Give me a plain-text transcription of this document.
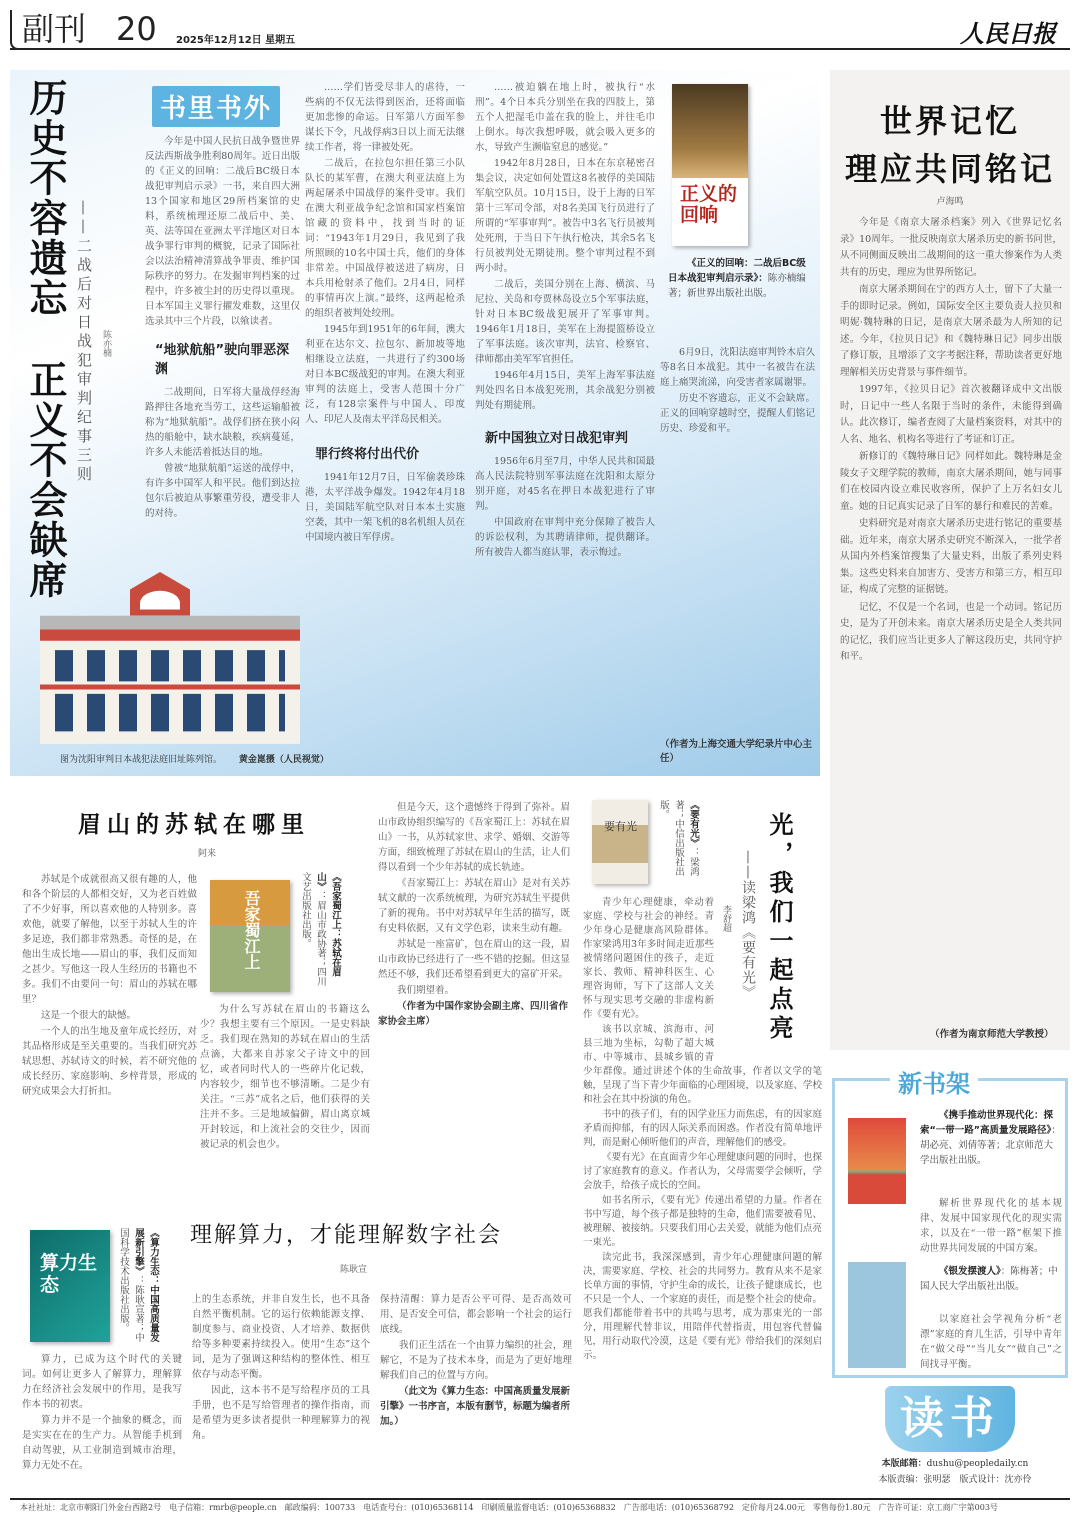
副刊 20 2025年12月12日 星期五	人民日报
历史不容遗忘
正义不会缺席 ——二战后对日战犯审判纪事三则 陈亦楠
书里书外

今年是中国人民抗日战争暨世界反法西斯战争胜利80周年。近日出版的《正义的回响：二战后BC级日本战犯审判启示录》一书，来自四大洲13个国家和地区29所档案馆的史料，系统梳理还原二战后中、美、英、法等国在亚洲太平洋地区对日本战争罪行审判的概貌，记录了国际社会以法治精神清算战争罪责、维护国际秩序的努力。在发掘审判档案的过程中，许多被尘封的历史得以重现。日本军国主义罪行擢发难数，这里仅选录其中三个片段，以飨读者。

“地狱航船”驶向罪恶深渊

二战期间，日军将大量战俘经海路押往各地充当劳工，这些运输船被称为“地狱航船”。战俘们挤在狭小闷热的船舱中，缺水缺粮，疾病蔓延，许多人未能活着抵达目的地。

曾被“地狱航船”运送的战俘中，有许多中国军人和平民。他们到达拉包尔后被迫从事繁重劳役，遭受非人的对待。

图为沈阳审判日本战犯法庭旧址陈列馆。 黄金崑摄（人民视觉）

……学们皆受尽非人的虐待，一些病的不仅无法得到医治，还将面临更加悲惨的命运。日军第八方面军参谋长下令，凡战俘病3日以上而无法继续工作者，将一律被处死。

二战后，在拉包尔担任第三小队队长的某军曹，在澳大利亚法庭上为两起屠杀中国战俘的案件受审。我们在澳大利亚战争纪念馆和国家档案馆馆藏的资料中，找到当时的证词：“1943年1月29日，我见到了我所照顾的10名中国士兵，他们的身体非常差。中国战俘被送进了病房，日本兵用枪射杀了他们。2月4日，同样的事情再次上演。”最终，这两起枪杀的组织者被判处绞刑。

1945年到1951年的6年间，澳大利亚在达尔文、拉包尔、新加坡等地相继设立法庭，一共进行了约300场对日本BC级战犯的审判。在澳大利亚审判的法庭上，受害人范围十分广泛，有128宗案件与中国人、印度人、印尼人及南太平洋岛民相关。

罪行终将付出代价

1941年12月7日，日军偷袭珍珠港，太平洋战争爆发。1942年4月18日，美国陆军航空队对日本本土实施空袭，其中一架飞机的8名机组人员在中国境内被日军俘虏。

……被迫躺在地上时，被执行“水刑”。4个日本兵分别坐在我的四肢上，第五个人把湿毛巾盖在我的脸上，并往毛巾上倒水。每次我想呼吸，就会吸入更多的水，导致产生濒临窒息的感觉。”

1942年8月28日，日本在东京秘密召集会议，决定如何处置这8名被俘的美国陆军航空队员。10月15日，设于上海的日军第十三军司令部，对8名美国飞行员进行了所谓的“军事审判”。被告中3名飞行员被判处死刑，于当日下午执行枪决，其余5名飞行员被判处无期徒刑。整个审判过程不到两小时。

二战后，美国分别在上海、横滨、马尼拉、关岛和夸贾林岛设立5个军事法庭，针对日本BC级战犯展开了军事审判。1946年1月18日，美军在上海提篮桥设立了军事法庭。该次审判，法官、检察官、律师都由美军军官担任。

1946年4月15日，美军上海军事法庭判处四名日本战犯死刑，其余战犯分别被判处有期徒刑。

新中国独立对日战犯审判

1956年6月至7月，中华人民共和国最高人民法院特别军事法庭在沈阳和太原分别开庭，对45名在押日本战犯进行了审判。

中国政府在审判中充分保障了被告人的诉讼权利，为其聘请律师，提供翻译。所有被告人都当庭认罪，表示悔过。

正义的回响
《正义的回响：二战后BC级日本战犯审判启示录》：陈亦楠编著；新世界出版社出版。

6月9日，沈阳法庭审判铃木启久等8名日本战犯。其中一名被告在法庭上痛哭流涕，向受害者家属谢罪。

历史不容遗忘，正义不会缺席。正义的回响穿越时空，提醒人们铭记历史、珍爱和平。

（作者为上海交通大学纪录片中心主任）
世界记忆
理应共同铭记
卢海鸣

今年是《南京大屠杀档案》列入《世界记忆名录》10周年。一批反映南京大屠杀历史的新书问世，从不同侧面反映出二战期间的这一重大惨案作为人类共有的历史，理应为世界所铭记。

南京大屠杀期间在宁的西方人士，留下了大量一手的即时记录。例如，国际安全区主要负责人拉贝和明妮·魏特琳的日记，是南京大屠杀最为人所知的记述。今年，《拉贝日记》和《魏特琳日记》同步出版了修订版，且增添了文字考据注释，帮助读者更好地理解相关历史背景与事件细节。

1997年，《拉贝日记》首次被翻译成中文出版时，日记中一些人名限于当时的条件，未能得到确认。此次修订，编者查阅了大量档案资料，对其中的人名、地名、机构名等进行了考证和订正。

新修订的《魏特琳日记》同样如此。魏特琳是金陵女子文理学院的教师，南京大屠杀期间，她与同事们在校园内设立难民收容所，保护了上万名妇女儿童。她的日记真实记录了日军的暴行和难民的苦难。

史料研究是对南京大屠杀历史进行铭记的重要基础。近年来，南京大屠杀史研究不断深入，一批学者从国内外档案馆搜集了大量史料，出版了系列史料集。这些史料来自加害方、受害方和第三方，相互印证，构成了完整的证据链。

记忆，不仅是一个名词，也是一个动词。铭记历史，是为了开创未来。南京大屠杀历史是全人类共同的记忆，我们应当让更多人了解这段历史，共同守护和平。

（作者为南京师范大学教授）
新书架
《携手推动世界现代化：探索“一带一路”高质量发展路径》：胡必亮、刘倩等著；北京师范大学出版社出版。

解析世界现代化的基本规律、发展中国家现代化的现实需求，以及在“一带一路”框架下推动世界共同发展的中国方案。

《银发摆渡人》：陈梅著；中国人民大学出版社出版。

以家庭社会学视角分析“老漂”家庭的育儿生活，引导中青年在“做父母”“当儿女”“做自己”之间找寻平衡。

读书
本版邮箱：dushu@peopledaily.cn
本版责编：张明瑟　 版式设计：沈亦伶
眉山的苏轼在哪里
阿来
吾家蜀江上	《吾家蜀江上：苏轼在眉山》：眉山市政协著；四川文艺出版社出版。

苏轼是个成就很高又很有趣的人，他和各个阶层的人都相交好，又为老百姓做了不少好事，所以喜欢他的人特别多。喜欢他，就要了解他，以至于苏轼人生的许多足迹，我们都非常熟悉。奇怪的是，在他出生成长地——眉山的事，我们反而知之甚少。写他这一段人生经历的书籍也不多。我们不由要问一句：眉山的苏轼在哪里？

这是一个很大的缺憾。

一个人的出生地及童年成长经历，对其品格形成是至关重要的。当我们研究苏轼思想、苏轼诗文的时候，若不研究他的成长经历、家庭影响、乡梓背景，形成的研究成果会大打折扣。

为什么写苏轼在眉山的书籍这么少？我想主要有三个原因。一是史料缺乏。我们现在熟知的苏轼在眉山的生活点滴，大都来自苏家父子诗文中的回忆，或者同时代人的一些碎片化记载，内容较少，细节也不够清晰。二是少有关注。“三苏”成名之后，他们获得的关注并不多。三是地域偏僻，眉山离京城开封较远，和上流社会的交往少，因而被记录的机会也少。

但是今天，这个遗憾终于得到了弥补。眉山市政协组织编写的《吾家蜀江上：苏轼在眉山》一书，从苏轼家世、求学、婚姻、交游等方面，细致梳理了苏轼在眉山的生活，让人们得以看到一个少年苏轼的成长轨迹。

《吾家蜀江上：苏轼在眉山》是对有关苏轼文献的一次系统梳理，为研究苏轼生平提供了新的视角。书中对苏轼早年生活的描写，既有史料依据，又有文学色彩，读来生动有趣。

苏轼是一座富矿，包在眉山的这一段，眉山市政协已经进行了一些不错的挖掘。但这显然还不够，我们还希望看到更大的富矿开采。

我们期望着。

（作者为中国作家协会副主席、四川省作家协会主席）

要有光	《要有光》：梁鸿著；中信出版社出版。
光，我们一起点亮
——读梁鸿《要有光》
李舒超

青少年心理健康，牵动着家庭、学校与社会的神经。青少年身心是健康高风险群体。作家梁鸿用3年多时间走近那些被情绪问题困住的孩子，走近家长、教师、精神科医生、心理咨询师，写下了这部人文关怀与现实思考交融的非虚构新作《要有光》。

该书以京城、滨海市、河县三地为坐标，勾勒了超大城市、中等城市、县城乡镇的青少年群像。通过讲述个体的生命故事，作者以文学的笔触，呈现了当下青少年面临的心理困境，以及家庭、学校和社会在其中扮演的角色。

书中的孩子们，有的因学业压力而焦虑，有的因家庭矛盾而抑郁，有的因人际关系而困惑。作者没有简单地评判，而是耐心倾听他们的声音，理解他们的感受。

《要有光》在直面青少年心理健康问题的同时，也探讨了家庭教育的意义。作者认为，父母需要学会倾听，学会放手，给孩子成长的空间。

如书名所示，《要有光》传递出希望的力量。作者在书中写道，每个孩子都是独特的生命，他们需要被看见、被理解、被接纳。只要我们用心去关爱，就能为他们点亮一束光。

读完此书，我深深感到，青少年心理健康问题的解决，需要家庭、学校、社会的共同努力。教育从来不是家长单方面的事情，守护生命的成长，让孩子健康成长，也不只是一个人、一个家庭的责任，而是整个社会的使命。愿我们都能带着书中的共鸣与思考，成为那束光的一部分，用理解代替非议，用陪伴代替指责，用包容代替偏见，用行动取代冷漠，这是《要有光》带给我们的深刻启示。

理解算力，才能理解数字社会
陈耿宣
算力生态	《算力生态：中国高质量发展新引擎》：陈耿宣著；中国科学技术出版社出版。

算力，已成为这个时代的关键词。如何让更多人了解算力，理解算力在经济社会发展中的作用，是我写作本书的初衷。

算力并不是一个抽象的概念，而是实实在在的生产力。从智能手机到自动驾驶，从工业制造到城市治理，算力无处不在。

上的生态系统，并非自发生长，也不具备自然平衡机制。它的运行依赖能源支撑、制度参与、商业投资、人才培养、数据供给等多种要素持续投入。使用“生态”这个词，是为了强调这种结构的整体性、相互依存与动态平衡。

因此，这本书不是写给程序员的工具手册，也不是写给管理者的操作指南，而是希望为更多读者提供一种理解算力的视角。

保持清醒：算力是否公平可得、是否高效可用、是否安全可信，都会影响一个社会的运行底线。

我们正生活在一个由算力编织的社会，理解它，不是为了技术本身，而是为了更好地理解我们自己的位置与方向。

（此文为《算力生态：中国高质量发展新引擎》一书序言，本版有删节，标题为编者所加。）

本社社址：北京市朝阳门外金台西路2号　电子信箱：rmrb@people.cn　邮政编码：100733　电话查号台：(010)65368114　印刷质量监督电话：(010)65368832　广告部电话：(010)65368792　定价每月24.00元　零售每份1.80元　广告许可证：京工商广字第003号
